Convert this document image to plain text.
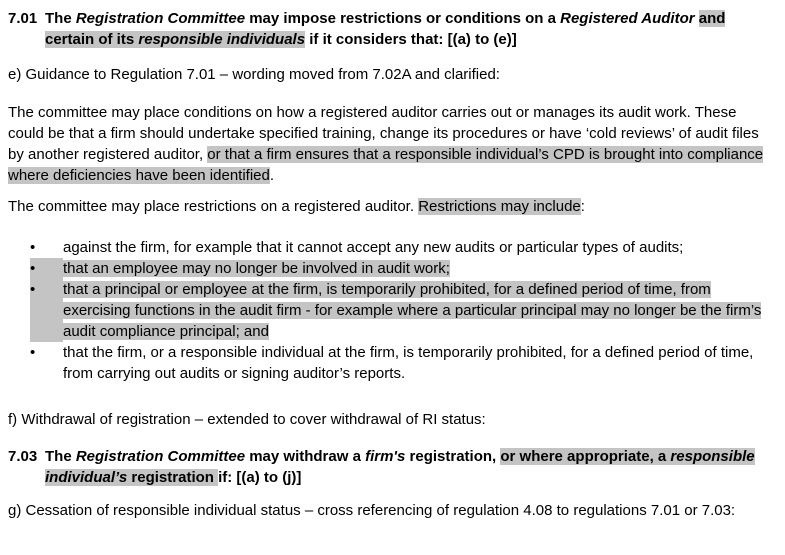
7.01 The Registration Committee may impose restrictions or conditions on a Registered Auditor and certain of its responsible individuals if it considers that: [(a) to (e)]

e) Guidance to Regulation 7.01 – wording moved from 7.02A and clarified:

The committee may place conditions on how a registered auditor carries out or manages its audit work. These could be that a firm should undertake specified training, change its procedures or have ‘cold reviews’ of audit files by another registered auditor, or that a firm ensures that a responsible individual’s CPD is brought into compliance where deficiencies have been identified.

The committee may place restrictions on a registered auditor. Restrictions may include:

•	against the firm, for example that it cannot accept any new audits or particular types of audits;
•	that an employee may no longer be involved in audit work;
•	that a principal or employee at the firm, is temporarily prohibited, for a defined period of time, from exercising functions in the audit firm - for example where a particular principal may no longer be the firm’s audit compliance principal; and
•	that the firm, or a responsible individual at the firm, is temporarily prohibited, for a defined period of time, from carrying out audits or signing auditor’s reports.

f) Withdrawal of registration – extended to cover withdrawal of RI status:

7.03 The Registration Committee may withdraw a firm's registration, or where appropriate, a responsible individual’s registration if: [(a) to (j)]

g) Cessation of responsible individual status – cross referencing of regulation 4.08 to regulations 7.01 or 7.03:
